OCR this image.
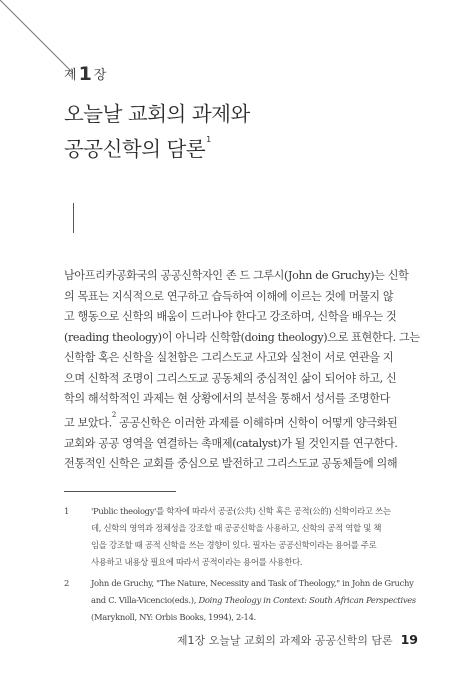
제 1 장
오늘날 교회의 과제와
공공신학의 담론$^1$
남아프리카공화국의 공공신학자인 존 드 그루시(John de Gruchy)는 신학
의 목표는 지식적으로 연구하고 습득하여 이해에 이르는 것에 머물지 않
고 행동으로 신학의 배움이 드러나야 한다고 강조하며, 신학을 배우는 것
(reading theology)이 아니라 신학함(doing theology)으로 표현한다. 그는
신학함 혹은 신학을 실천함은 그리스도교 사고와 실천이 서로 연관을 지
으며 신학적 조명이 그리스도교 공동체의 중심적인 삶이 되어야 하고, 신
학의 해석학적인 과제는 현 상황에서의 분석을 통해서 성서를 조명한다
고 보았다.$^2$ 공공신학은 이러한 과제를 이해하며 신학이 어떻게 양극화된
교회와 공공 영역을 연결하는 촉매제(catalyst)가 될 것인지를 연구한다.
전통적인 신학은 교회를 중심으로 발전하고 그리스도교 공동체들에 의해
1	'Public theology'를 학자에 따라서 공공(公共) 신학 혹은 공적(公的) 신학이라고 쓰는
데, 신학의 영역과 정체성을 강조할 때 공공신학을 사용하고, 신학의 공적 역할 및 책
임을 강조할 때 공적 신학을 쓰는 경향이 있다. 필자는 공공신학이라는 용어를 주로
사용하고 내용상 필요에 따라서 공적이라는 용어를 사용한다.
2	John de Gruchy, "The Nature, Necessity and Task of Theology," in John de Gruchy
and C. Villa-Vicencio(eds.), Doing Theology in Context: South African Perspectives
(Maryknoll, NY: Orbis Books, 1994), 2-14.
제1장 오늘날 교회의 과제와 공공신학의 담론 19
